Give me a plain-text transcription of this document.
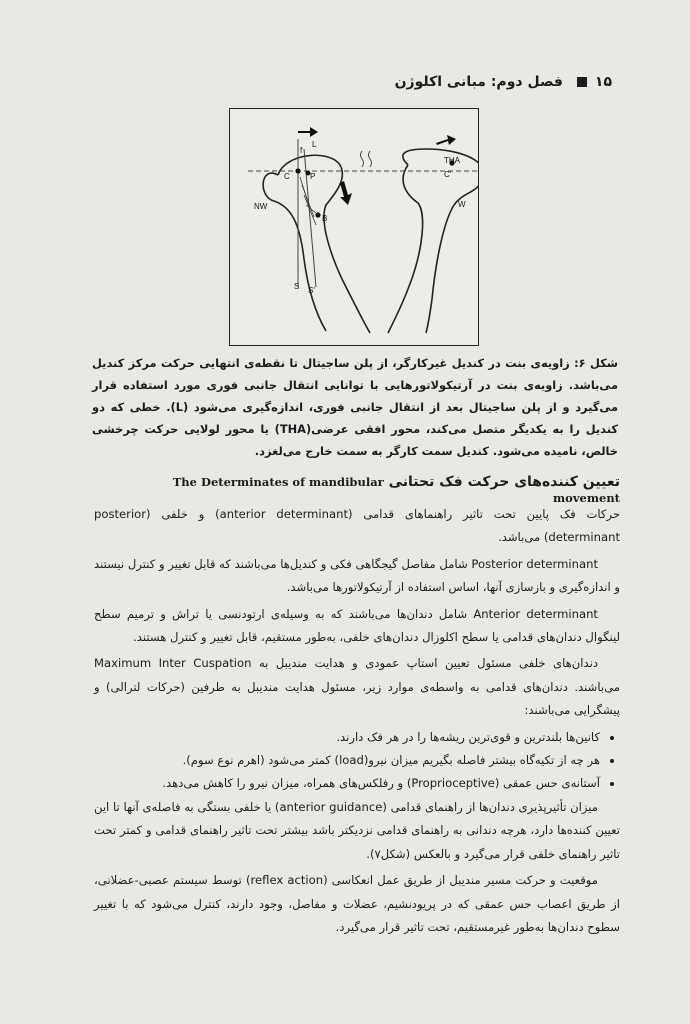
۱۵
فصل دوم: مبانی اکلوژن
L
f
C	P
NW
B
S S'
C'
THA
W
شکل ۶: زاویه‌ی بنت در کندیل غیرکارگر، از پلن ساجیتال تا نقطه‌ی انتهایی حرکت مرکز کندیل می‌باشد. زاویه‌ی بنت در آرتیکولاتورهایی با توانایی انتقال جانبی فوری مورد استفاده قرار می‌گیرد و از پلن ساجیتال بعد از انتقال جانبی فوری، اندازه‌گیری می‌شود (L). خطی که دو کندیل را به یکدیگر متصل می‌کند، محور افقی عرضی(THA) یا محور لولایی حرکت چرخشی خالص، نامیده می‌شود. کندیل سمت کارگر به سمت خارج می‌لغزد.
تعیین کننده‌های حرکت فک تحتانی The Determinates of mandibular movement

حرکات فک پایین تحت تاثیر راهنماهای قدامی (anterior determinant) و خلفی (posterior determinant) می‌باشد.

Posterior determinant شامل مفاصل گیجگاهی فکی و کندیل‌ها می‌باشند که قابل تغییر و کنترل نیستند و اندازه‌گیری و بازسازی آنها، اساس استفاده از آرتیکولاتورها می‌باشد.

Anterior determinant شامل دندان‌ها می‌باشند که به وسیله‌ی ارتودنسی یا تراش و ترمیم سطح لینگوال دندان‌های قدامی یا سطح اکلوزال دندان‌های خلفی، به‌طور مستقیم، قابل تغییر و کنترل هستند.

دندان‌های خلفی مسئول تعیین استاپ عمودی و هدایت مندیبل به Maximum Inter Cuspation می‌باشند. دندان‌های قدامی به واسطه‌ی موارد زیر، مسئول هدایت مندیبل به طرفین (حرکات لترالی) و پیشگرایی می‌باشند:

• کانین‌ها بلندترین و قوی‌ترین ریشه‌ها را در هر فک دارند.
• هر چه از تکیه‌گاه بیشتر فاصله بگیریم میزان نیرو(load) کمتر می‌شود (اهرم نوع سوم).
• آستانه‌ی حس عمقی (Proprioceptive) و رفلکس‌های همراه، میزان نیرو را کاهش می‌دهد.

میزان تأثیرپذیری دندان‌ها از راهنمای قدامی (anterior guidance) یا خلفی بستگی به فاصله‌ی آنها تا این تعیین کننده‌ها دارد، هرچه دندانی به راهنمای قدامی نزدیکتر باشد بیشتر تحت تاثیر راهنمای قدامی و کمتر تحت تاثیر راهنمای خلفی قرار می‌گیرد و بالعکس (شکل۷).

موقعیت و حرکت مسیر مندیبل از طریق عمل انعکاسی (reflex action) توسط سیستم عصبی-عضلانی، از طریق اعصاب حس عمقی که در پریودنشیم، عضلات و مفاصل، وجود دارند، کنترل می‌شود که با تغییر سطوح دندان‌ها به‌طور غیرمستقیم، تحت تاثیر قرار می‌گیرد.
